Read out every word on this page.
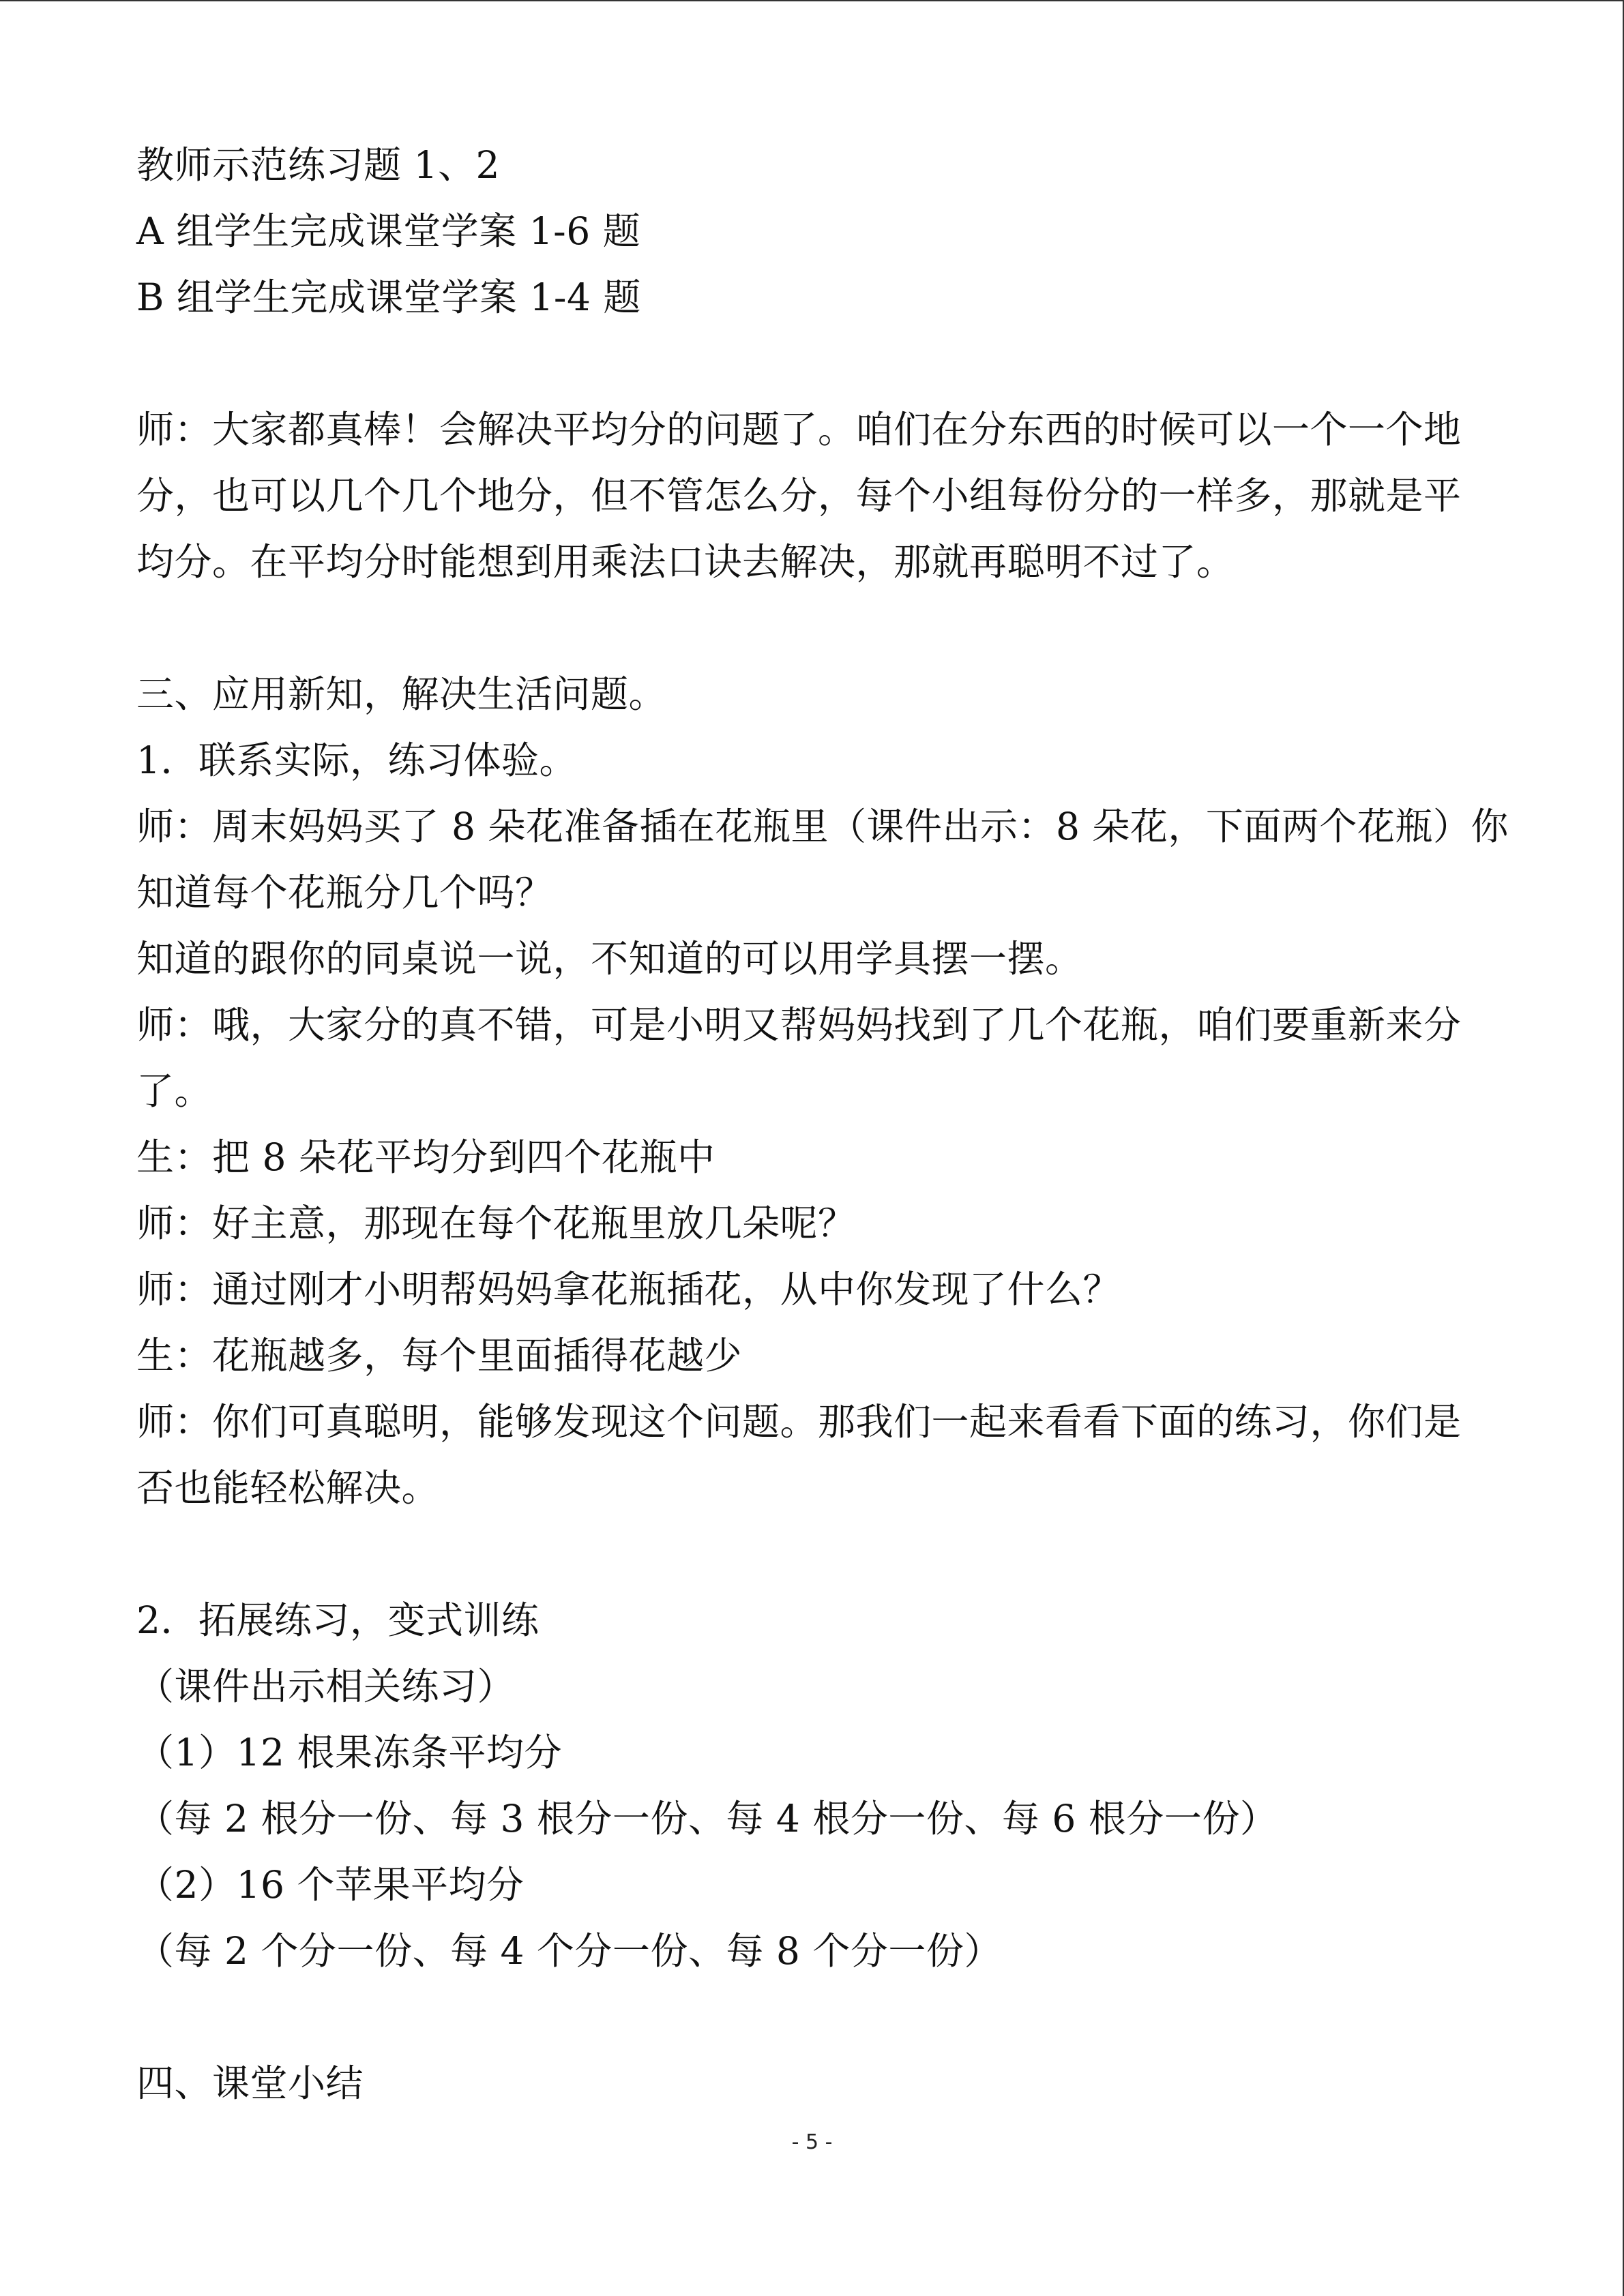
教师示范练习题 1、2
A 组学生完成课堂学案 1-6 题
B 组学生完成课堂学案 1-4 题
师：大家都真棒！会解决平均分的问题了。咱们在分东西的时候可以一个一个地
分，也可以几个几个地分，但不管怎么分，每个小组每份分的一样多，那就是平
均分。在平均分时能想到用乘法口诀去解决，那就再聪明不过了。
三、应用新知，解决生活问题。
1．联系实际，练习体验。
师：周末妈妈买了 8 朵花准备插在花瓶里（课件出示：8 朵花，下面两个花瓶）你
知道每个花瓶分几个吗？
知道的跟你的同桌说一说，不知道的可以用学具摆一摆。
师：哦，大家分的真不错，可是小明又帮妈妈找到了几个花瓶，咱们要重新来分
了。
生：把 8 朵花平均分到四个花瓶中
师：好主意，那现在每个花瓶里放几朵呢？
师：通过刚才小明帮妈妈拿花瓶插花，从中你发现了什么？
生：花瓶越多，每个里面插得花越少
师：你们可真聪明，能够发现这个问题。那我们一起来看看下面的练习，你们是
否也能轻松解决。
2．拓展练习，变式训练
（课件出示相关练习）
（1）12 根果冻条平均分
（每 2 根分一份、每 3 根分一份、每 4 根分一份、每 6 根分一份）
（2）16 个苹果平均分
（每 2 个分一份、每 4 个分一份、每 8 个分一份）
四、课堂小结
- 5 -
